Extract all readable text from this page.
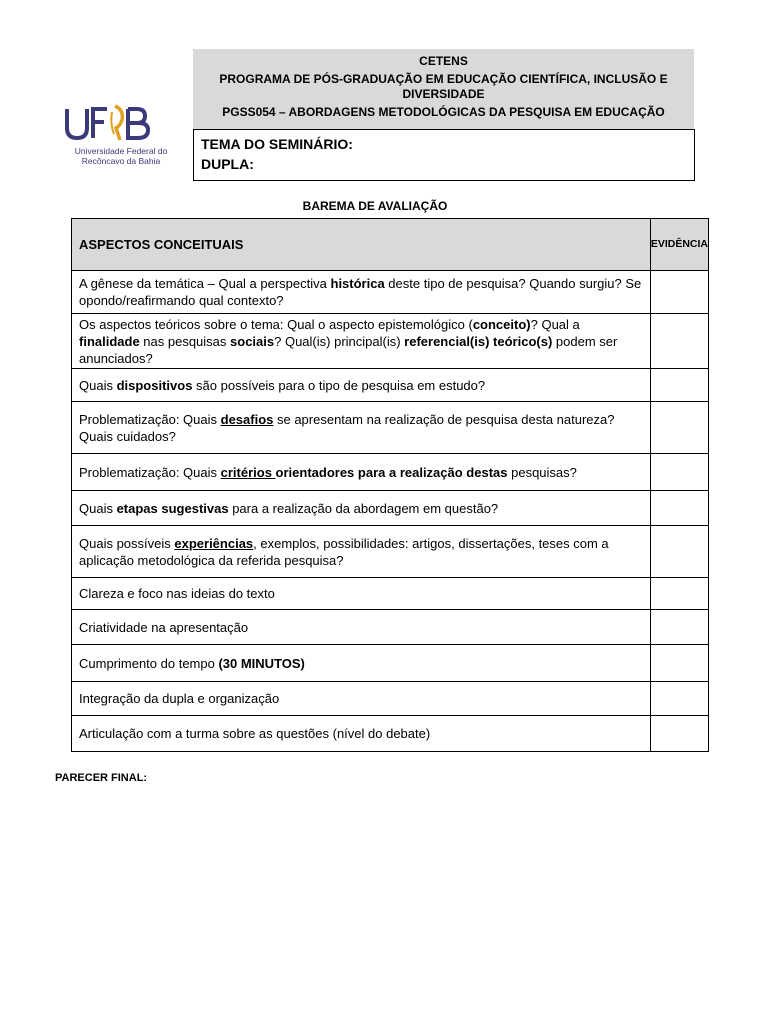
Universidade Federal do
Recôncavo da Bahia
CETENS
PROGRAMA DE PÓS-GRADUAÇÃO EM EDUCAÇÃO CIENTÍFICA, INCLUSÃO E DIVERSIDADE
PGSS054 – ABORDAGENS METODOLÓGICAS DA PESQUISA EM EDUCAÇÃO
TEMA DO SEMINÁRIO:
DUPLA:
BAREMA DE AVALIAÇÃO
ASPECTOS CONCEITUAIS	EVIDÊNCIA
A gênese da temática – Qual a perspectiva histórica deste tipo de pesquisa? Quando surgiu? Se opondo/reafirmando qual contexto?	
Os aspectos teóricos sobre o tema: Qual o aspecto epistemológico (conceito)? Qual a finalidade nas pesquisas sociais? Qual(is) principal(is) referencial(is) teórico(s) podem ser anunciados?	
Quais dispositivos são possíveis para o tipo de pesquisa em estudo?	
Problematização: Quais desafios se apresentam na realização de pesquisa desta natureza? Quais cuidados?	
Problematização: Quais critérios orientadores para a realização destas pesquisas?	
Quais etapas sugestivas para a realização da abordagem em questão?	
Quais possíveis experiências, exemplos, possibilidades: artigos, dissertações, teses com a aplicação metodológica da referida pesquisa?	
Clareza e foco nas ideias do texto	
Criatividade na apresentação	
Cumprimento do tempo (30 MINUTOS)	
Integração da dupla e organização	
Articulação com a turma sobre as questões (nível do debate)	
PARECER FINAL:
